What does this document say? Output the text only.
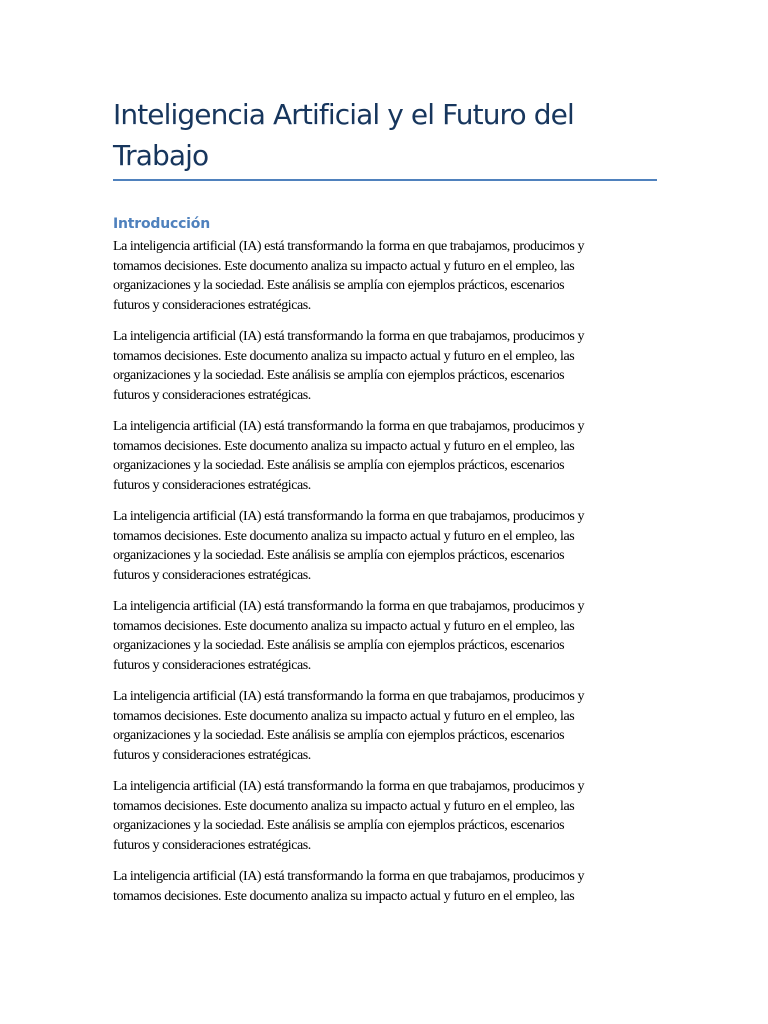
Inteligencia Artificial y el Futuro del Trabajo
Introducción

La inteligencia artificial (IA) está transformando la forma en que trabajamos, producimos y
tomamos decisiones. Este documento analiza su impacto actual y futuro en el empleo, las
organizaciones y la sociedad. Este análisis se amplía con ejemplos prácticos, escenarios
futuros y consideraciones estratégicas.

La inteligencia artificial (IA) está transformando la forma en que trabajamos, producimos y
tomamos decisiones. Este documento analiza su impacto actual y futuro en el empleo, las
organizaciones y la sociedad. Este análisis se amplía con ejemplos prácticos, escenarios
futuros y consideraciones estratégicas.

La inteligencia artificial (IA) está transformando la forma en que trabajamos, producimos y
tomamos decisiones. Este documento analiza su impacto actual y futuro en el empleo, las
organizaciones y la sociedad. Este análisis se amplía con ejemplos prácticos, escenarios
futuros y consideraciones estratégicas.

La inteligencia artificial (IA) está transformando la forma en que trabajamos, producimos y
tomamos decisiones. Este documento analiza su impacto actual y futuro en el empleo, las
organizaciones y la sociedad. Este análisis se amplía con ejemplos prácticos, escenarios
futuros y consideraciones estratégicas.

La inteligencia artificial (IA) está transformando la forma en que trabajamos, producimos y
tomamos decisiones. Este documento analiza su impacto actual y futuro en el empleo, las
organizaciones y la sociedad. Este análisis se amplía con ejemplos prácticos, escenarios
futuros y consideraciones estratégicas.

La inteligencia artificial (IA) está transformando la forma en que trabajamos, producimos y
tomamos decisiones. Este documento analiza su impacto actual y futuro en el empleo, las
organizaciones y la sociedad. Este análisis se amplía con ejemplos prácticos, escenarios
futuros y consideraciones estratégicas.

La inteligencia artificial (IA) está transformando la forma en que trabajamos, producimos y
tomamos decisiones. Este documento analiza su impacto actual y futuro en el empleo, las
organizaciones y la sociedad. Este análisis se amplía con ejemplos prácticos, escenarios
futuros y consideraciones estratégicas.

La inteligencia artificial (IA) está transformando la forma en que trabajamos, producimos y
tomamos decisiones. Este documento analiza su impacto actual y futuro en el empleo, las
